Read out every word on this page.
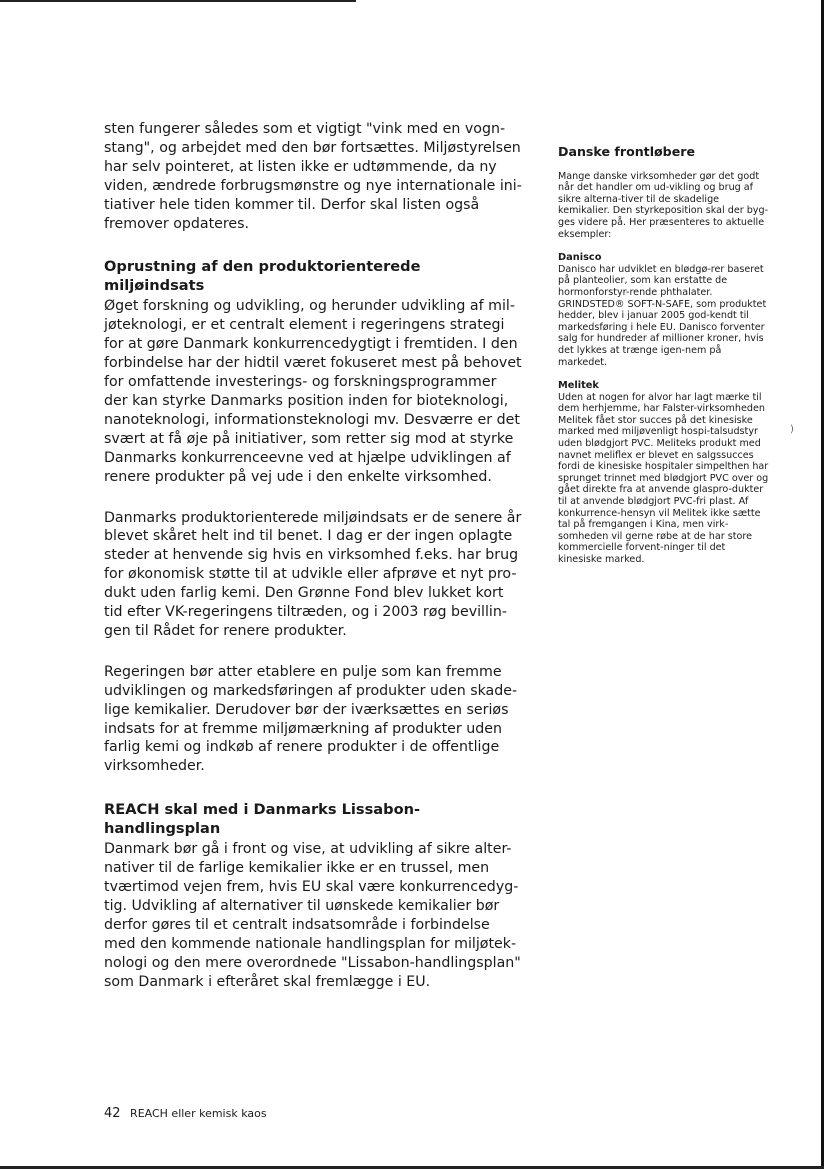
sten fungerer således som et vigtigt "vink med en vogn-stang", og arbejdet med den bør fortsættes. Miljøstyrelsen har selv pointeret, at listen ikke er udtømmende, da ny viden, ændrede forbrugsmønstre og nye internationale ini-tiativer hele tiden kommer til. Derfor skal listen også fremover opdateres.

Oprustning af den produktorienterede miljøindsats

Øget forskning og udvikling, og herunder udvikling af mil-jøteknologi, er et centralt element i regeringens strategi for at gøre Danmark konkurrencedygtigt i fremtiden. I den forbindelse har der hidtil været fokuseret mest på behovet for omfattende investerings- og forskningsprogrammer der kan styrke Danmarks position inden for bioteknologi, nanoteknologi, informationsteknologi mv. Desværre er det svært at få øje på initiativer, som retter sig mod at styrke Danmarks konkurrenceevne ved at hjælpe udviklingen af renere produkter på vej ude i den enkelte virksomhed.

Danmarks produktorienterede miljøindsats er de senere år blevet skåret helt ind til benet. I dag er der ingen oplagte steder at henvende sig hvis en virksomhed f.eks. har brug for økonomisk støtte til at udvikle eller afprøve et nyt pro-dukt uden farlig kemi. Den Grønne Fond blev lukket kort tid efter VK-regeringens tiltræden, og i 2003 røg bevillin-gen til Rådet for renere produkter.

Regeringen bør atter etablere en pulje som kan fremme udviklingen og markedsføringen af produkter uden skade-lige kemikalier. Derudover bør der iværksættes en seriøs indsats for at fremme miljømærkning af produkter uden farlig kemi og indkøb af renere produkter i de offentlige virksomheder.

REACH skal med i Danmarks Lissabon-handlingsplan

Danmark bør gå i front og vise, at udvikling af sikre alter-nativer til de farlige kemikalier ikke er en trussel, men tværtimod vejen frem, hvis EU skal være konkurrencedyg-tig. Udvikling af alternativer til uønskede kemikalier bør derfor gøres til et centralt indsatsområde i forbindelse med den kommende nationale handlingsplan for miljøtek-nologi og den mere overordnede "Lissabon-handlingsplan" som Danmark i efteråret skal fremlægge i EU.

Danske frontløbere

Mange danske virksomheder gør det godt når det handler om ud-vikling og brug af sikre alterna-tiver til de skadelige kemikalier. Den styrkeposition skal der byg-ges videre på. Her præsenteres to aktuelle eksempler:

Danisco

Danisco har udviklet en blødgø-rer baseret på planteolier, som kan erstatte de hormonforstyr-rende phthalater. GRINDSTED® SOFT-N-SAFE, som produktet hedder, blev i januar 2005 god-kendt til markedsføring i hele EU. Danisco forventer salg for hundreder af millioner kroner, hvis det lykkes at trænge igen-nem på markedet.

Melitek

Uden at nogen for alvor har lagt mærke til dem herhjemme, har Falster-virksomheden Melitek fået stor succes på det kinesiske marked med miljøvenligt hospi-talsudstyr uden blødgjort PVC. Meliteks produkt med navnet meliflex er blevet en salgssucces fordi de kinesiske hospitaler simpelthen har sprunget trinnet med blødgjort PVC over og gået direkte fra at anvende glaspro-dukter til at anvende blødgjort PVC-fri plast. Af konkurrence-hensyn vil Melitek ikke sætte tal på fremgangen i Kina, men virk-somheden vil gerne røbe at de har store kommercielle forvent-ninger til det kinesiske marked.

42 REACH eller kemisk kaos
)
